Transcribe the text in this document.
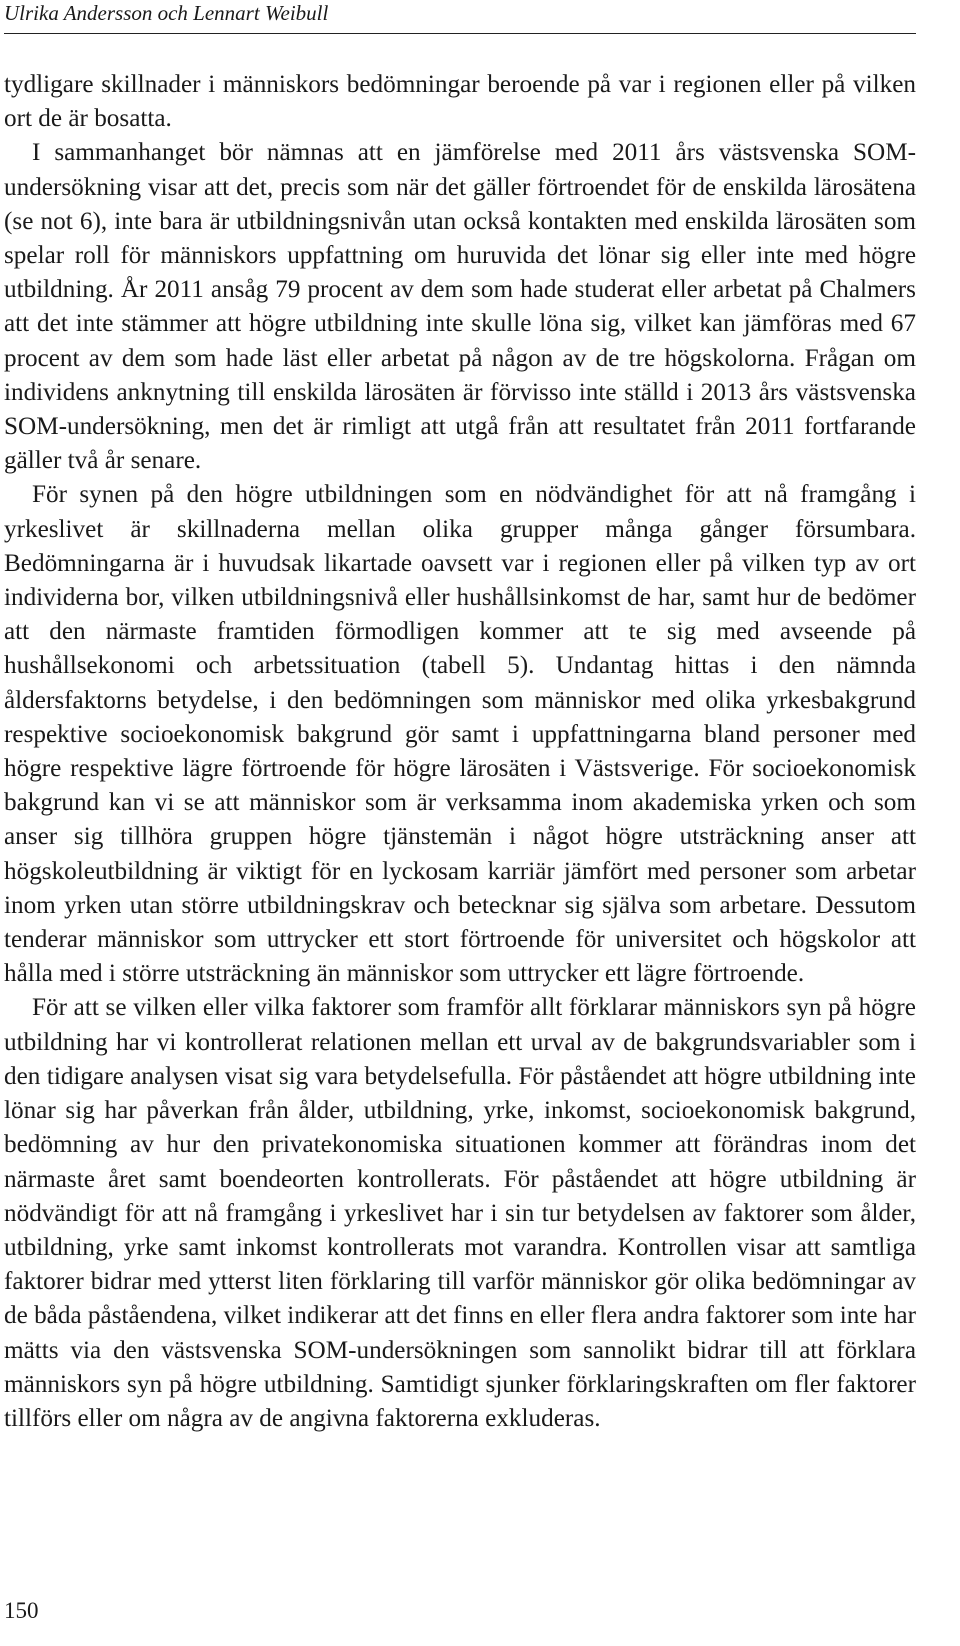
Ulrika Andersson och Lennart Weibull

tydligare skillnader i människors bedömningar beroende på var i regionen eller på vilken ort de är bosatta.

I sammanhanget bör nämnas att en jämförelse med 2011 års västsvenska SOM-undersökning visar att det, precis som när det gäller förtroendet för de enskilda lärosätena (se not 6), inte bara är utbildningsnivån utan också kontakten med enskilda lärosäten som spelar roll för människors uppfattning om huruvida det lönar sig eller inte med högre utbildning. År 2011 ansåg 79 procent av dem som hade studerat eller arbetat på Chalmers att det inte stämmer att högre utbildning inte skulle löna sig, vilket kan jämföras med 67 procent av dem som hade läst eller arbetat på någon av de tre högskolorna. Frågan om individens anknytning till enskilda lärosäten är förvisso inte ställd i 2013 års västsvenska SOM-undersökning, men det är rimligt att utgå från att resultatet från 2011 fortfarande gäller två år senare.

För synen på den högre utbildningen som en nödvändighet för att nå framgång i yrkeslivet är skillnaderna mellan olika grupper många gånger försumbara. Bedömningarna är i huvudsak likartade oavsett var i regionen eller på vilken typ av ort individerna bor, vilken utbildningsnivå eller hushållsinkomst de har, samt hur de bedömer att den närmaste framtiden förmodligen kommer att te sig med avseende på hushållsekonomi och arbetssituation (tabell 5). Undantag hittas i den nämnda åldersfaktorns betydelse, i den bedömningen som människor med olika yrkesbakgrund respektive socioekonomisk bakgrund gör samt i uppfattningarna bland personer med högre respektive lägre förtroende för högre lärosäten i Västsverige. För socioekonomisk bakgrund kan vi se att människor som är verksamma inom akademiska yrken och som anser sig tillhöra gruppen högre tjänstemän i något högre utsträckning anser att högskoleutbildning är viktigt för en lyckosam karriär jämfört med personer som arbetar inom yrken utan större utbildningskrav och betecknar sig själva som arbetare. Dessutom tenderar människor som uttrycker ett stort förtroende för universitet och högskolor att hålla med i större utsträckning än människor som uttrycker ett lägre förtroende.

För att se vilken eller vilka faktorer som framför allt förklarar människors syn på högre utbildning har vi kontrollerat relationen mellan ett urval av de bakgrundsvariabler som i den tidigare analysen visat sig vara betydelsefulla. För påståendet att högre utbildning inte lönar sig har påverkan från ålder, utbildning, yrke, inkomst, socioekonomisk bakgrund, bedömning av hur den privatekonomiska situationen kommer att förändras inom det närmaste året samt boendeorten kontrollerats. För påståendet att högre utbildning är nödvändigt för att nå framgång i yrkeslivet har i sin tur betydelsen av faktorer som ålder, utbildning, yrke samt inkomst kontrollerats mot varandra. Kontrollen visar att samtliga faktorer bidrar med ytterst liten förklaring till varför människor gör olika bedömningar av de båda påståendena, vilket indikerar att det finns en eller flera andra faktorer som inte har mätts via den västsvenska SOM-undersökningen som sannolikt bidrar till att förklara människors syn på högre utbildning. Samtidigt sjunker förklaringskraften om fler faktorer tillförs eller om några av de angivna faktorerna exkluderas.

150
